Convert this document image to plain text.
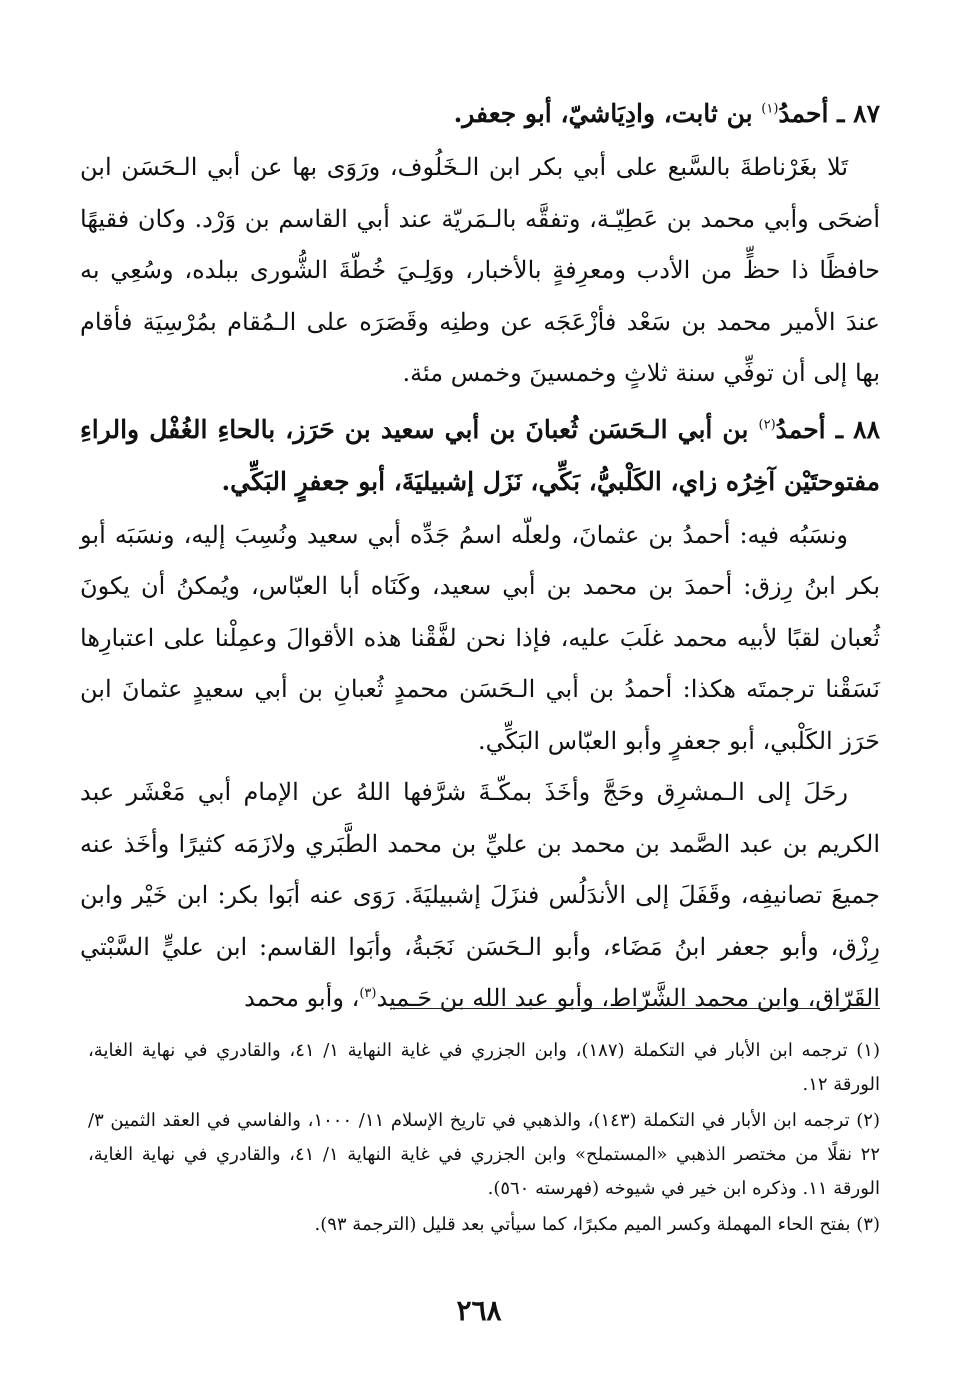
٨٧ ـ أحمدُ$^{(١)}$ بن ثابت، وادِيَاشيّ، أبو جعفر.

تَلا بغَرْناطةَ بالسَّبع على أبي بكر ابن الـخَلُوف، ورَوَى بها عن أبي الـحَسَن ابن أضحَى وأبي محمد بن عَطِيّـة، وتفقَّه بالـمَريّة عند أبي القاسم بن وَرْد. وكان فقيهًا حافظًا ذا حظٍّ من الأدب ومعرِفةٍ بالأخبار، ووَلِـيَ خُطّةَ الشُّورى ببلده، وسُعِي به عندَ الأمير محمد بن سَعْد فأزْعَجَه عن وطنِه وقَصَرَه على الـمُقام بمُرْسِيَة فأقام بها إلى أن توفِّي سنة ثلاثٍ وخمسينَ وخمس مئة.

٨٨ ـ أحمدُ$^{(٢)}$ بن أبي الـحَسَن ثُعبانَ بن أبي سعيد بن حَرَز، بالحاءِ الغُفْل والراءِ مفتوحتَيْن آخِرُه زاي، الكَلْبيُّ، بَكِّي، نَزَل إشبيليَةَ، أبو جعفرٍ البَكِّي.

ونسَبُه فيه: أحمدُ بن عثمانَ، ولعلّه اسمُ جَدِّه أبي سعيد ونُسِبَ إليه، ونسَبَه أبو بكر ابنُ رِزق: أحمدَ بن محمد بن أبي سعيد، وكَنَاه أبا العبّاس، ويُمكنُ أن يكونَ ثُعبان لقبًا لأبيه محمد غلَبَ عليه، فإذا نحن لفَّقْنا هذه الأقوالَ وعمِلْنا على اعتبارِها نَسَقْنا ترجمتَه هكذا: أحمدُ بن أبي الـحَسَن محمدٍ ثُعبانِ بن أبي سعيدٍ عثمانَ ابن حَرَز الكَلْبي، أبو جعفرٍ وأبو العبّاس البَكِّي.

رحَلَ إلى الـمشرِق وحَجَّ وأخَذَ بمكّـةَ شرَّفها اللهُ عن الإمام أبي مَعْشَر عبد الكريم بن عبد الصَّمد بن محمد بن عليِّ بن محمد الطَّبَري ولازَمَه كثيرًا وأخَذ عنه جميعَ تصانيفِه، وقَفَلَ إلى الأندَلُس فنزَلَ إشبيليَةَ. رَوَى عنه أبَوا بكر: ابن خَيْر وابن رِزْق، وأبو جعفر ابنُ مَضَاء، وأبو الـحَسَن نَجَبةُ، وأبَوا القاسم: ابن عليٍّ السَّبْتي القَرّاق، وابن محمد الشَّرّاط، وأبو عبد الله بن حَـميد$^{(٣)}$، وأبو محمد

(١) ترجمه ابن الأبار في التكملة (١٨٧)، وابن الجزري في غاية النهاية ١/ ٤١، والقادري في نهاية الغاية، الورقة ١٢.

(٢) ترجمه ابن الأبار في التكملة (١٤٣)، والذهبي في تاريخ الإسلام ١١/ ١٠٠٠، والفاسي في العقد الثمين ٣/ ٢٢ نقلًا من مختصر الذهبي «المستملح» وابن الجزري في غاية النهاية ١/ ٤١، والقادري في نهاية الغاية، الورقة ١١. وذكره ابن خير في شيوخه (فهرسته ٥٦٠).

(٣) بفتح الحاء المهملة وكسر الميم مكبرًا، كما سيأتي بعد قليل (الترجمة ٩٣).

٢٦٨
